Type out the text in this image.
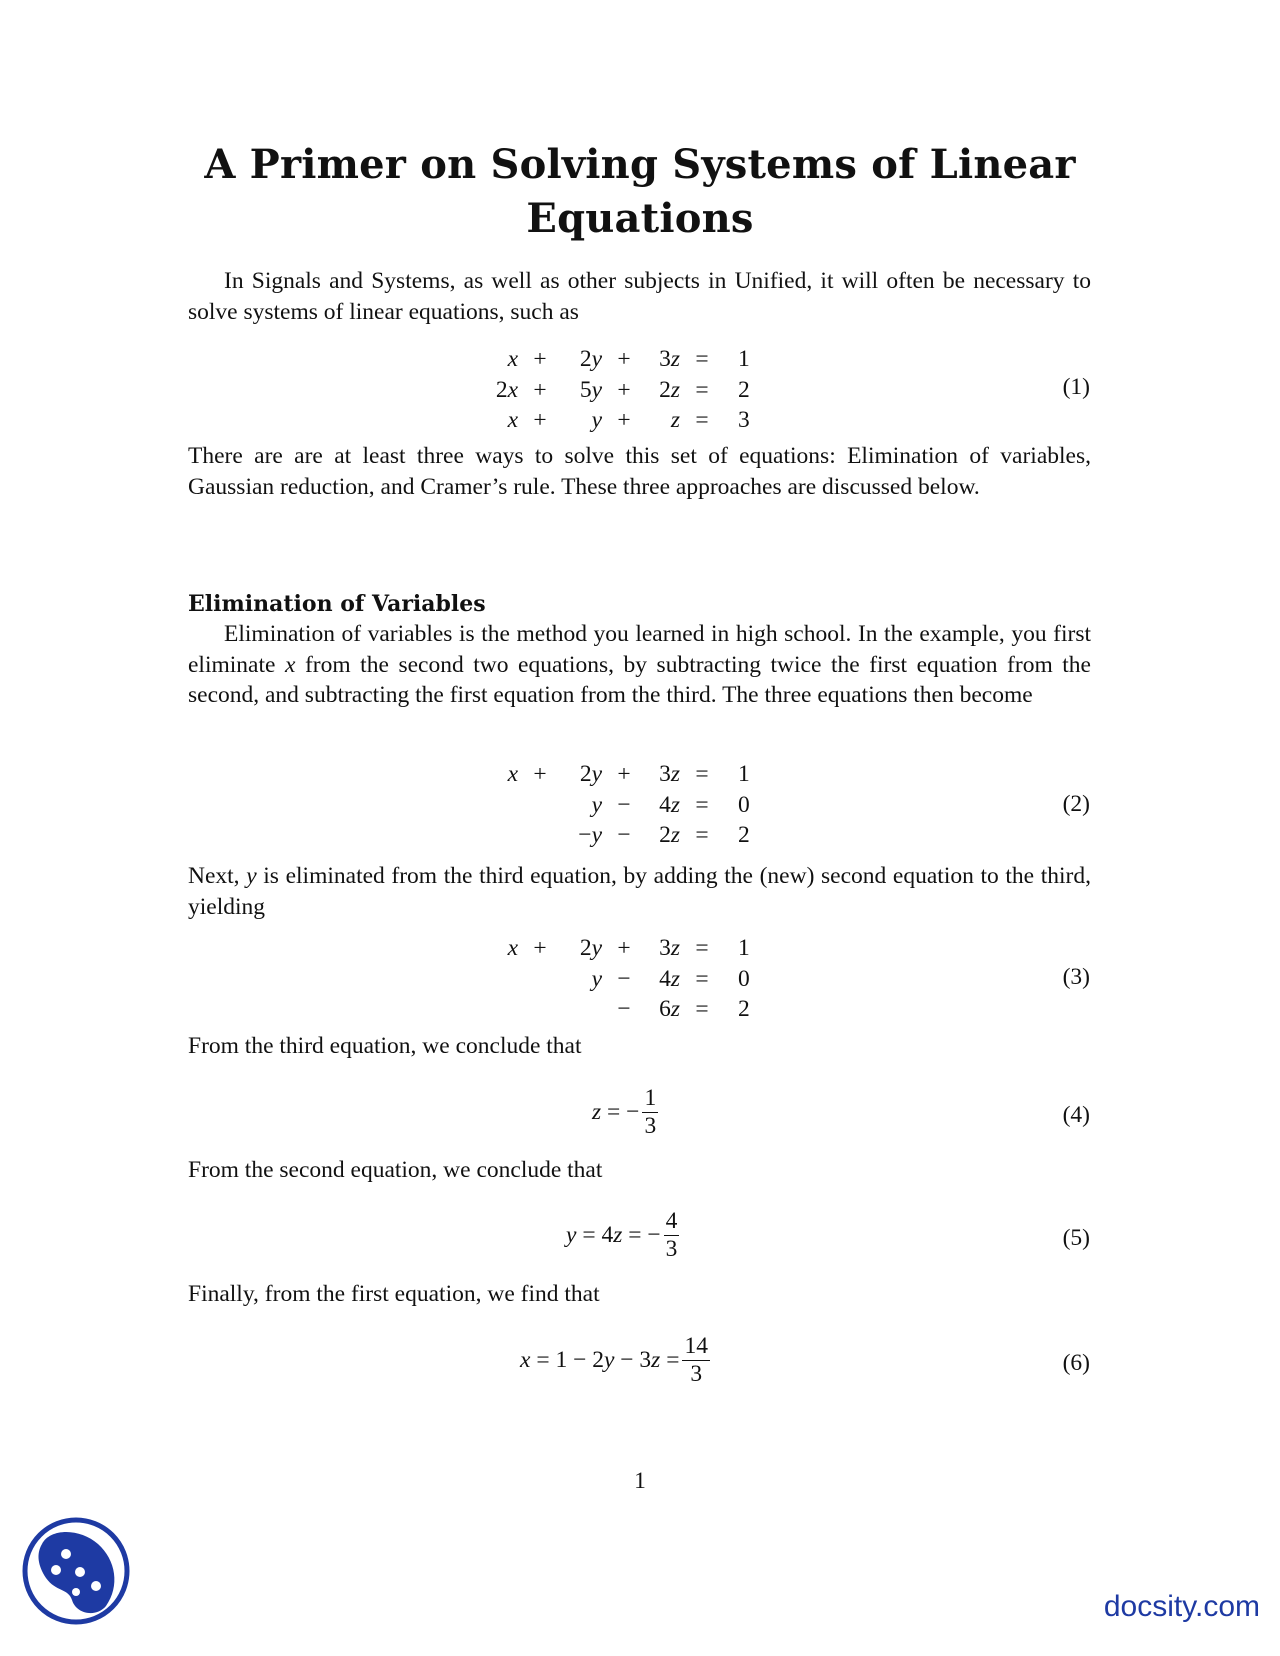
A Primer on Solving Systems of Linear Equations

In Signals and Systems, as well as other subjects in Unified, it will often be necessary to solve systems of linear equations, such as

x	+	2y	+	3z	=	1
2x	+	5y	+	2z	=	2
x	+	y	+	z	=	3
(1)

There are are at least three ways to solve this set of equations: Elimination of variables, Gaussian reduction, and Cramer’s rule. These three approaches are discussed below.

Elimination of Variables

Elimination of variables is the method you learned in high school. In the example, you first eliminate x from the second two equations, by subtracting twice the first equation from the second, and subtracting the first equation from the third. The three equations then become

x	+	2y	+	3z	=	1
		y	−	4z	=	0
		−y	−	2z	=	2
(2)

Next, y is eliminated from the third equation, by adding the (new) second equation to the third, yielding

x	+	2y	+	3z	=	1
		y	−	4z	=	0
			−	6z	=	2
(3)

From the third equation, we conclude that

z = − $\frac{1}{3}$	(4)

From the second equation, we conclude that

y = 4z = − $\frac{4}{3}$	(5)

Finally, from the first equation, we find that

$x = 1 - 2y - 3z = \frac{14}{3}$	(6)
1
docsity.com
